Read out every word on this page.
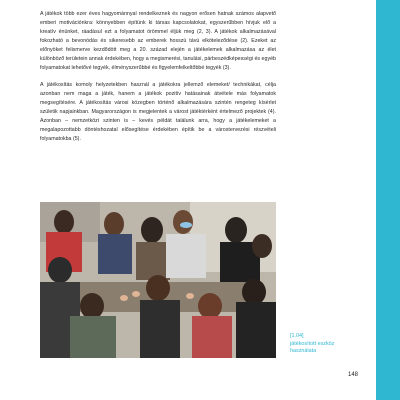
A játékok több ezer éves hagyománnyal rendelkeznek és nagyon erősen hatnak számos alapvető emberi motivációnkra: könnyebben építünk ki társas kapcsolatokat, egyszerűbben hívjuk elő a kreatív énünket, ráadásul ezt a folyamatot örömmel éljük meg (2, 3). A játékok alkalmazásával fokozható a bevonódás és sikeresebb az emberek hosszú távú elköteleződése (2). Ezeket az előnyöket felismerve kezdődött meg a 20. század elején a játékelemek alkalmazása az élet különböző területein annak érdekében, hogy a megismerési, tanulási, párbeszédképességi és egyéb folyamatokat lehetővé tegyék, élményszerűbbé és figyelemfelkeltőbbé tegyék (3).

A játékosítás komoly helyzetekben használ a játékokra jellemző elemeket/ technikákat, célja azonban nem maga a játék, hanem a játékok pozitív hatásainak átvétele más folyamatok megsegítésére. A játékosítás városi közegben történő alkalmazására szintén rengeteg kísérlet születik napjainkban. Magyarországon is megjelentek a várost játéktérként értelmező projektek (4). Azonban – nemzetközi szinten is – kevés példát találunk arra, hogy a játékelemeket a megalapozottabb döntéshozatal elősegítése érdekében építik be a várostervezési részvételi folyamatokba (5).

[1.04]
játékosított eszköz
használata
148
